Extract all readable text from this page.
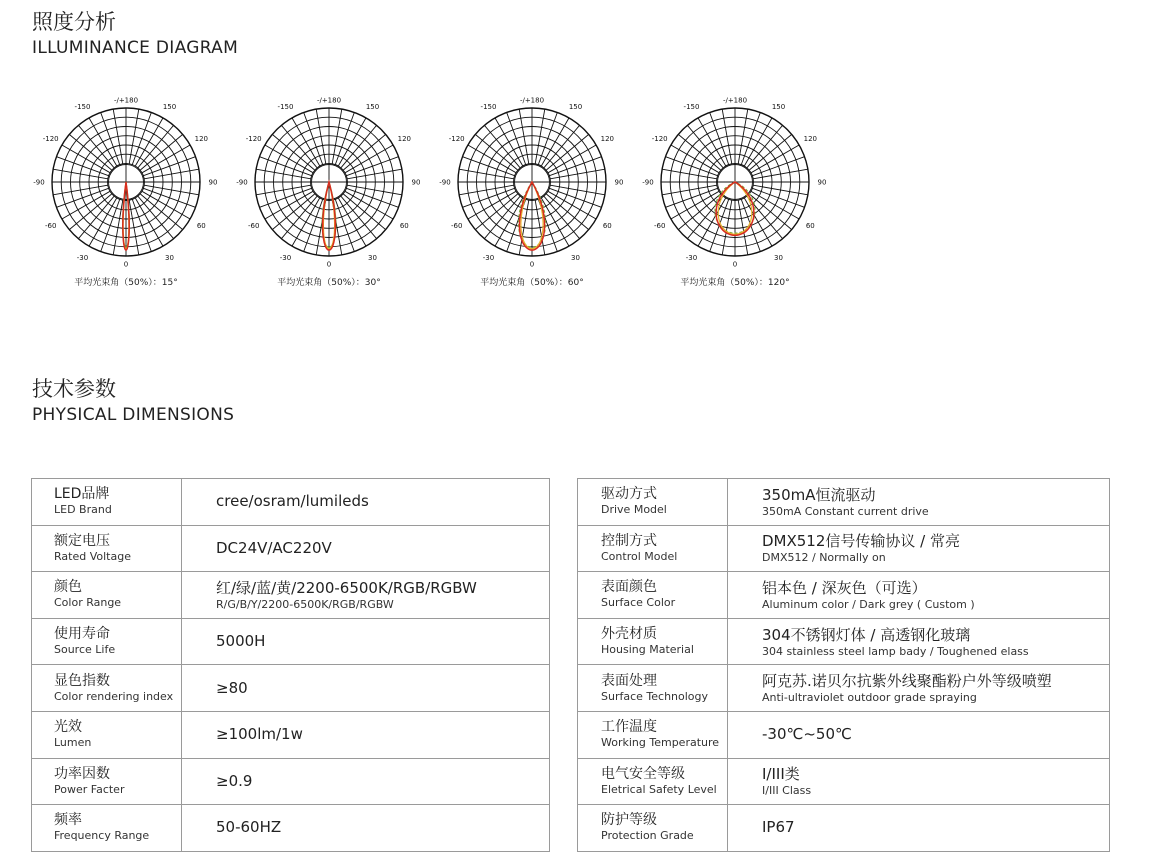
照度分析
ILLUMINANCE DIAGRAM
-/+180
150
120
90
60
30
0
-30
-60
-90
-120
-150
平均光束角（50%）：15°
-/+180
150
120
90
60
30
0
-30
-60
-90
-120
-150
平均光束角（50%）：30°
-/+180
150
120
90
60
30
0
-30
-60
-90
-120
-150
平均光束角（50%）：60°
-/+180
150
120
90
60
30
0
-30
-60
-90
-120
-150
平均光束角（50%）：120°
技术参数
PHYSICAL DIMENSIONS
LED品牌
LED Brand	cree/osram/lumileds

额定电压
Rated Voltage	DC24V/AC220V

颜色
Color Range	红/绿/蓝/黄/2200-6500K/RGB/RGBW
R/G/B/Y/2200-6500K/RGB/RGBW

使用寿命
Source Life	5000H

显色指数
Color rendering index	≥80

光效
Lumen	≥100lm/1w

功率因数
Power Facter	≥0.9

频率
Frequency Range	50-60HZ
驱动方式
Drive Model	350mA恒流驱动
350mA Constant current drive

控制方式
Control Model	DMX512信号传输协议 / 常亮
DMX512 / Normally on

表面颜色
Surface Color	铝本色 / 深灰色（可选）
Aluminum color / Dark grey ( Custom )

外壳材质
Housing Material	304不锈钢灯体 / 高透钢化玻璃
304 stainless steel lamp bady / Toughened elass

表面处理
Surface Technology	阿克苏.诺贝尔抗紫外线聚酯粉户外等级喷塑
Anti-ultraviolet outdoor grade spraying

工作温度
Working Temperature	-30℃~50℃

电气安全等级
Eletrical Safety Level	I/III类
I/III Class

防护等级
Protection Grade	IP67
